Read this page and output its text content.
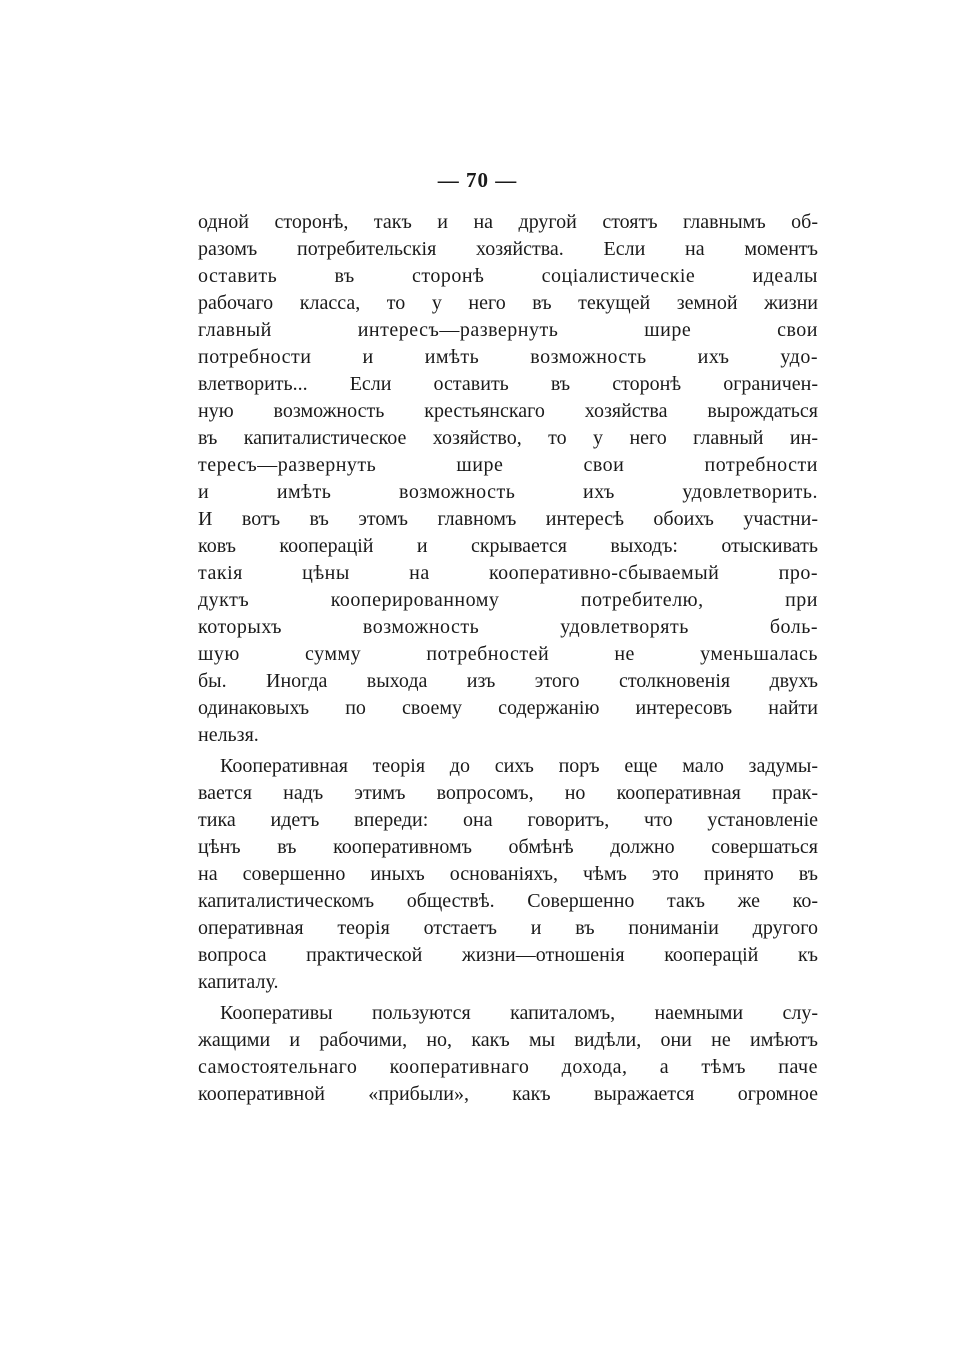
— 70 —
одной сторонѣ, такъ и на другой стоятъ главнымъ об-
разомъ потребительскія хозяйства. Если на моментъ
оставить въ сторонѣ соціалистическіе идеалы
рабочаго класса, то у него въ текущей земной жизни
главный интересъ—развернуть шире свои
потребности и имѣть возможность ихъ удо-
влетворить... Если оставить въ сторонѣ ограничен-
ную возможность крестьянскаго хозяйства вырождаться
въ капиталистическое хозяйство, то у него главный ин-
тересъ—развернуть шире свои потребности
и имѣть возможность ихъ удовлетворить.
И вотъ въ этомъ главномъ интересѣ обоихъ участни-
ковъ кооперацій и скрывается выходъ: отыскивать
такія цѣны на кооперативно-сбываемый про-
дуктъ кооперированному потребителю, при
которыхъ возможность удовлетворять боль-
шую сумму потребностей не уменьшалась
бы. Иногда выхода изъ этого столкновенія двухъ
одинаковыхъ по своему содержанію интересовъ найти
нельзя.
Кооперативная теорія до сихъ поръ еще мало задумы-
вается надъ этимъ вопросомъ, но кооперативная прак-
тика идетъ впереди: она говоритъ, что установленіе
цѣнъ въ кооперативномъ обмѣнѣ должно совершаться
на совершенно иныхъ основаніяхъ, чѣмъ это принято въ
капиталистическомъ обществѣ. Совершенно такъ же ко-
оперативная теорія отстаетъ и въ пониманіи другого
вопроса практической жизни—отношенія кооперацій къ
капиталу.
Кооперативы пользуются капиталомъ, наемными слу-
жащими и рабочими, но, какъ мы видѣли, они не имѣютъ
самостоятельнаго кооперативнаго дохода, а тѣмъ паче
кооперативной «прибыли», какъ выражается огромное
